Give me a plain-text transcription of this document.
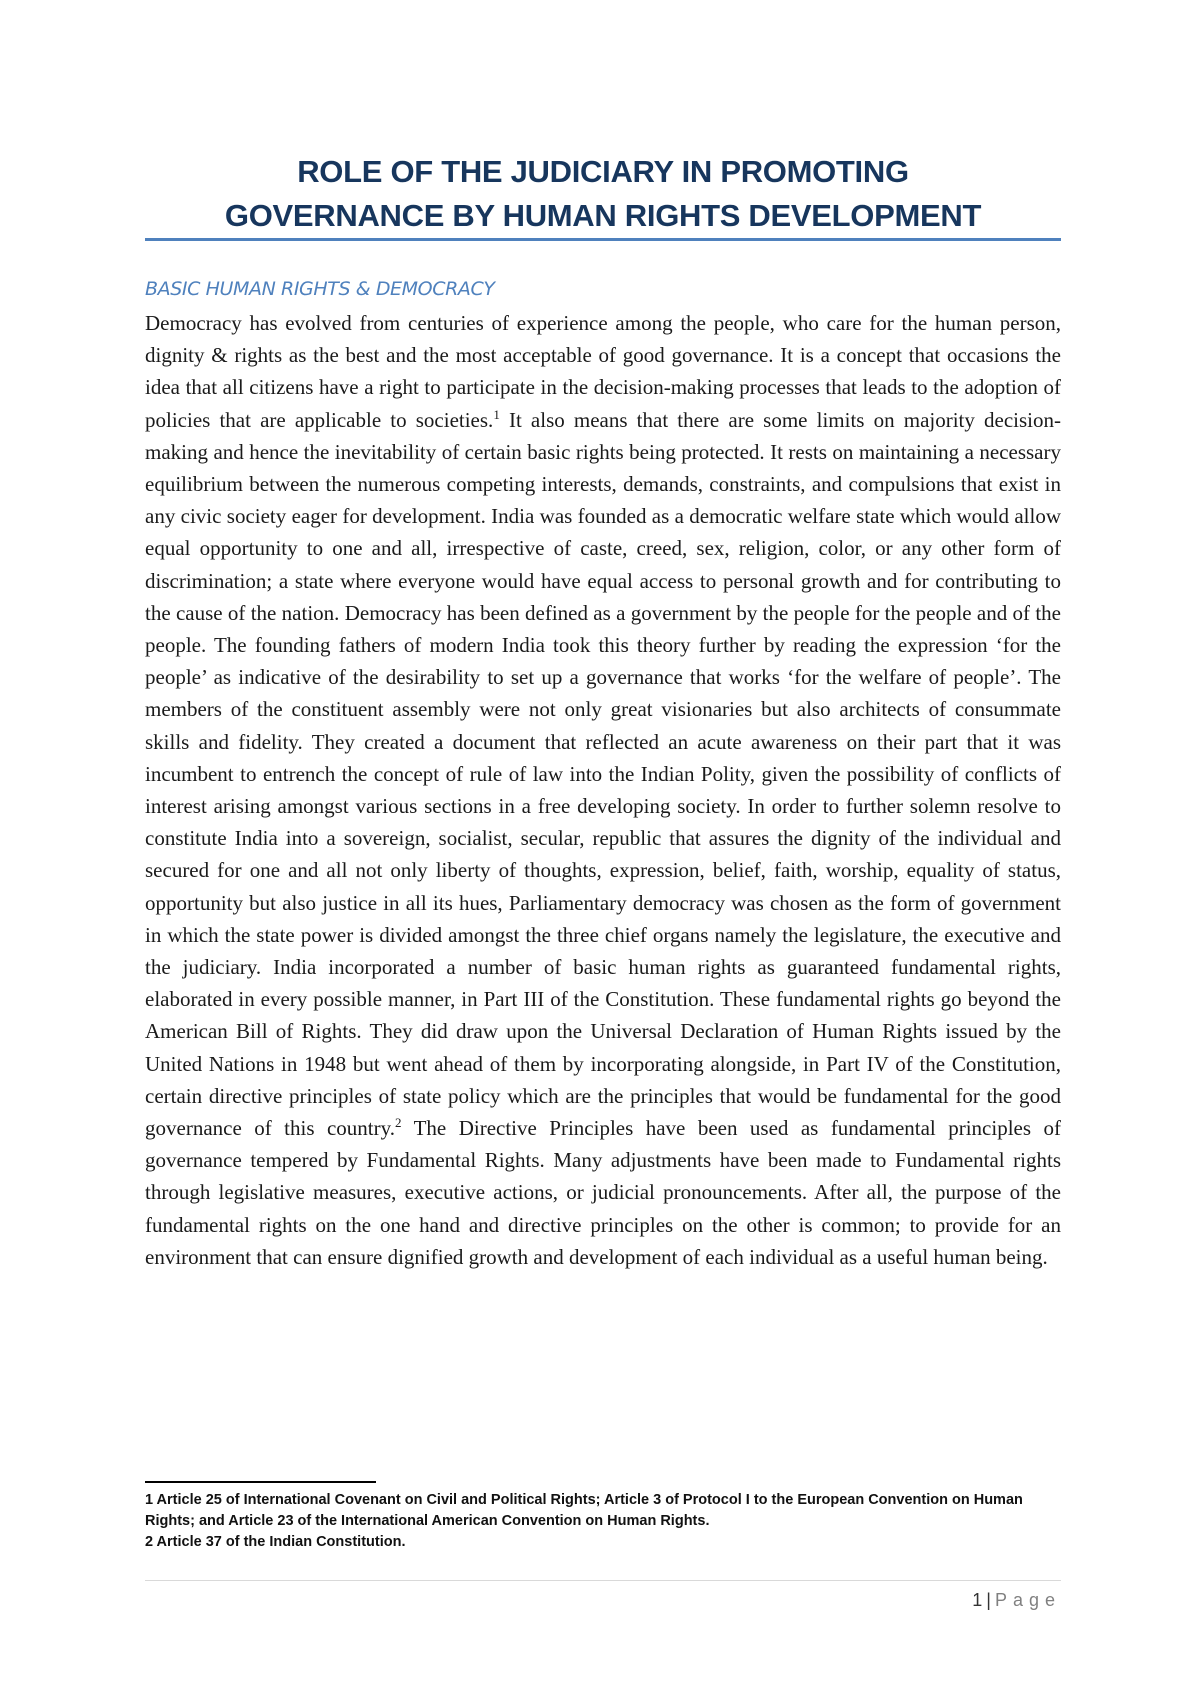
ROLE OF THE JUDICIARY IN PROMOTING
GOVERNANCE BY HUMAN RIGHTS DEVELOPMENT
BASIC HUMAN RIGHTS & DEMOCRACY
Democracy has evolved from centuries of experience among the people, who care for the human person, dignity & rights as the best and the most acceptable of good governance. It is a concept that occasions the idea that all citizens have a right to participate in the decision-making processes that leads to the adoption of policies that are applicable to societies.$^1$ It also means that there are some limits on majority decision-making and hence the inevitability of certain basic rights being protected. It rests on maintaining a necessary equilibrium between the numerous competing interests, demands, constraints, and compulsions that exist in any civic society eager for development. India was founded as a democratic welfare state which would allow equal opportunity to one and all, irrespective of caste, creed, sex, religion, color, or any other form of discrimination; a state where everyone would have equal access to personal growth and for contributing to the cause of the nation. Democracy has been defined as a government by the people for the people and of the people. The founding fathers of modern India took this theory further by reading the expression ‘for the people’ as indicative of the desirability to set up a governance that works ‘for the welfare of people’. The members of the constituent assembly were not only great visionaries but also architects of consummate skills and fidelity. They created a document that reflected an acute awareness on their part that it was incumbent to entrench the concept of rule of law into the Indian Polity, given the possibility of conflicts of interest arising amongst various sections in a free developing society. In order to further solemn resolve to constitute India into a sovereign, socialist, secular, republic that assures the dignity of the individual and secured for one and all not only liberty of thoughts, expression, belief, faith, worship, equality of status, opportunity but also justice in all its hues, Parliamentary democracy was chosen as the form of government in which the state power is divided amongst the three chief organs namely the legislature, the executive and the judiciary. India incorporated a number of basic human rights as guaranteed fundamental rights, elaborated in every possible manner, in Part III of the Constitution. These fundamental rights go beyond the American Bill of Rights. They did draw upon the Universal Declaration of Human Rights issued by the United Nations in 1948 but went ahead of them by incorporating alongside, in Part IV of the Constitution, certain directive principles of state policy which are the principles that would be fundamental for the good governance of this country.$^2$ The Directive Principles have been used as fundamental principles of governance tempered by Fundamental Rights. Many adjustments have been made to Fundamental rights through legislative measures, executive actions, or judicial pronouncements. After all, the purpose of the fundamental rights on the one hand and directive principles on the other is common; to provide for an environment that can ensure dignified growth and development of each individual as a useful human being.

1 Article 25 of International Covenant on Civil and Political Rights; Article 3 of Protocol I to the European Convention on Human Rights; and Article 23 of the International American Convention on Human Rights.

2 Article 37 of the Indian Constitution.

1 | Page
